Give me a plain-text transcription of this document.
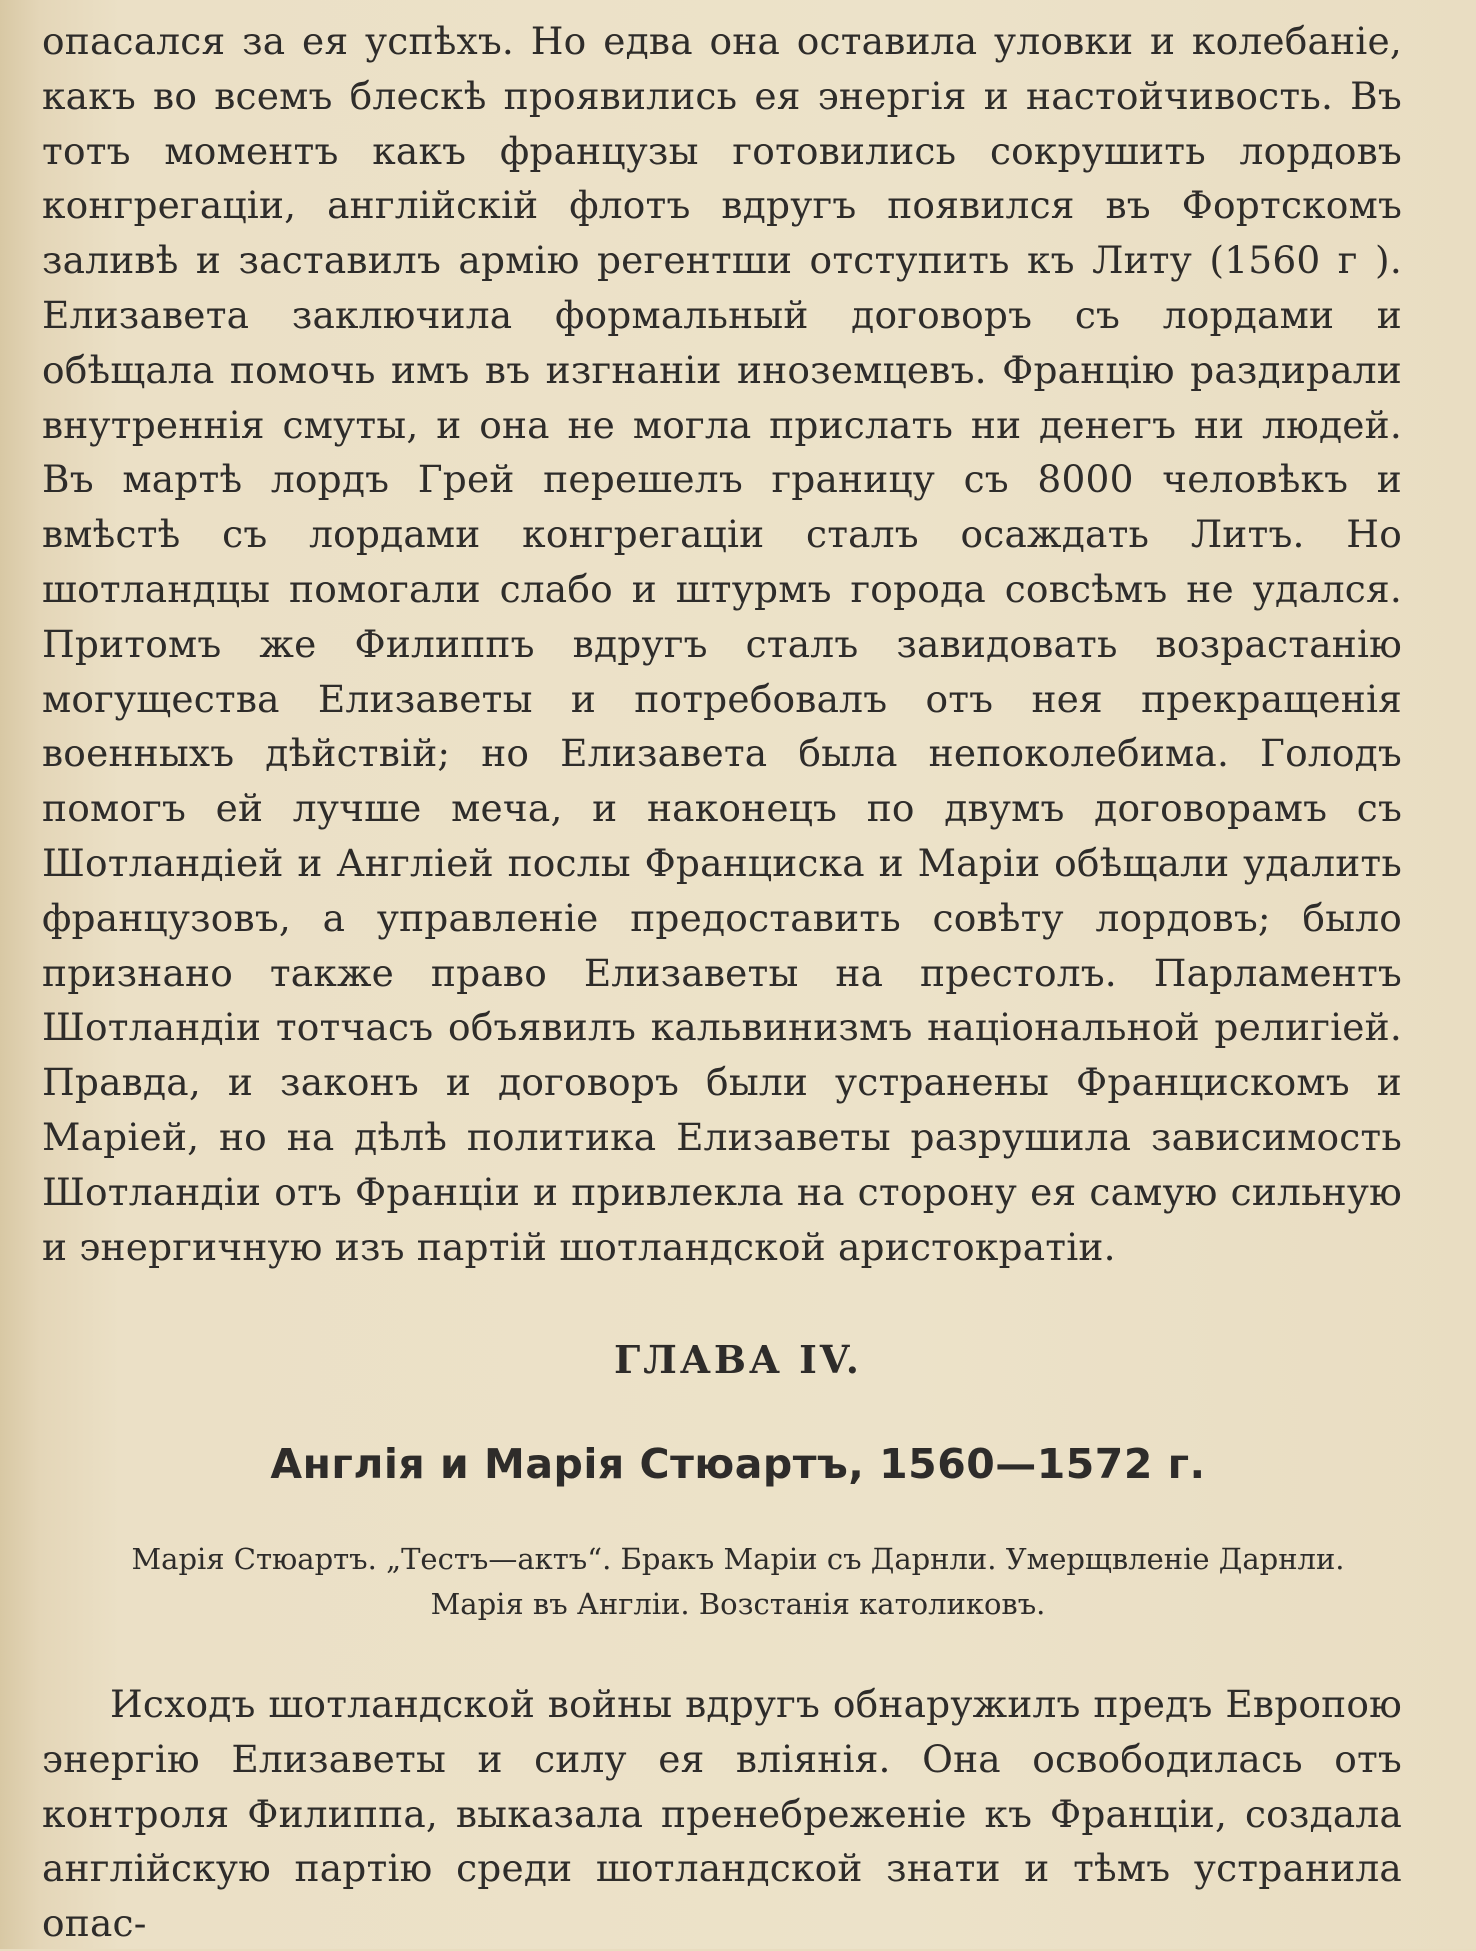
опасался за ея успѣхъ. Но едва она оставила уловки и колебанiе, какъ во всемъ блескѣ проявились ея энергiя и настойчивость. Въ тотъ моментъ какъ французы готовились сокрушить лордовъ конгрегацiи, англiйскiй флотъ вдругъ появился въ Фортскомъ заливѣ и заставилъ армiю регентши отступить къ Литу (1560 г ). Елизавета заключила формальный договоръ съ лордами и обѣщала помочь имъ въ изгнанiи иноземцевъ. Францiю раздирали внутреннiя смуты, и она не могла прислать ни денегъ ни людей. Въ мартѣ лордъ Грей перешелъ границу съ 8000 человѣкъ и вмѣстѣ съ лордами конгрегацiи сталъ осаждать Литъ. Но шотландцы помогали слабо и штурмъ города совсѣмъ не удался. Притомъ же Филиппъ вдругъ сталъ завидовать возрастанiю могущества Елизаветы и потребовалъ отъ нея прекращенiя военныхъ дѣйствiй; но Елизавета была непоколебима. Голодъ помогъ ей лучше меча, и наконецъ по двумъ договорамъ съ Шотландiей и Англiей послы Франциска и Марiи обѣщали удалить французовъ, а управленiе предоставить совѣту лордовъ; было признано также право Елизаветы на престолъ. Парламентъ Шотландiи тотчасъ объявилъ кальвинизмъ нацiональной религiей. Правда, и законъ и договоръ были устранены Францискомъ и Марiей, но на дѣлѣ политика Елизаветы разрушила зависимость Шотландiи отъ Францiи и привлекла на сторону ея самую сильную и энергичную изъ партiй шотландской аристократiи.

ГЛАВА IV.
Англiя и Марiя Стюартъ, 1560—1572 г.
Марiя Стюартъ. „Тестъ—актъ“. Бракъ Марiи съ Дарнли. Умерщвленiе Дарнли.
Марiя въ Англiи. Возстанiя католиковъ.

Исходъ шотландской войны вдругъ обнаружилъ предъ Европою энергiю Елизаветы и силу ея влiянiя. Она освободилась отъ контроля Филиппа, выказала пренебреженiе къ Францiи, создала англiйскую партiю среди шотландской знати и тѣмъ устранила опас-
